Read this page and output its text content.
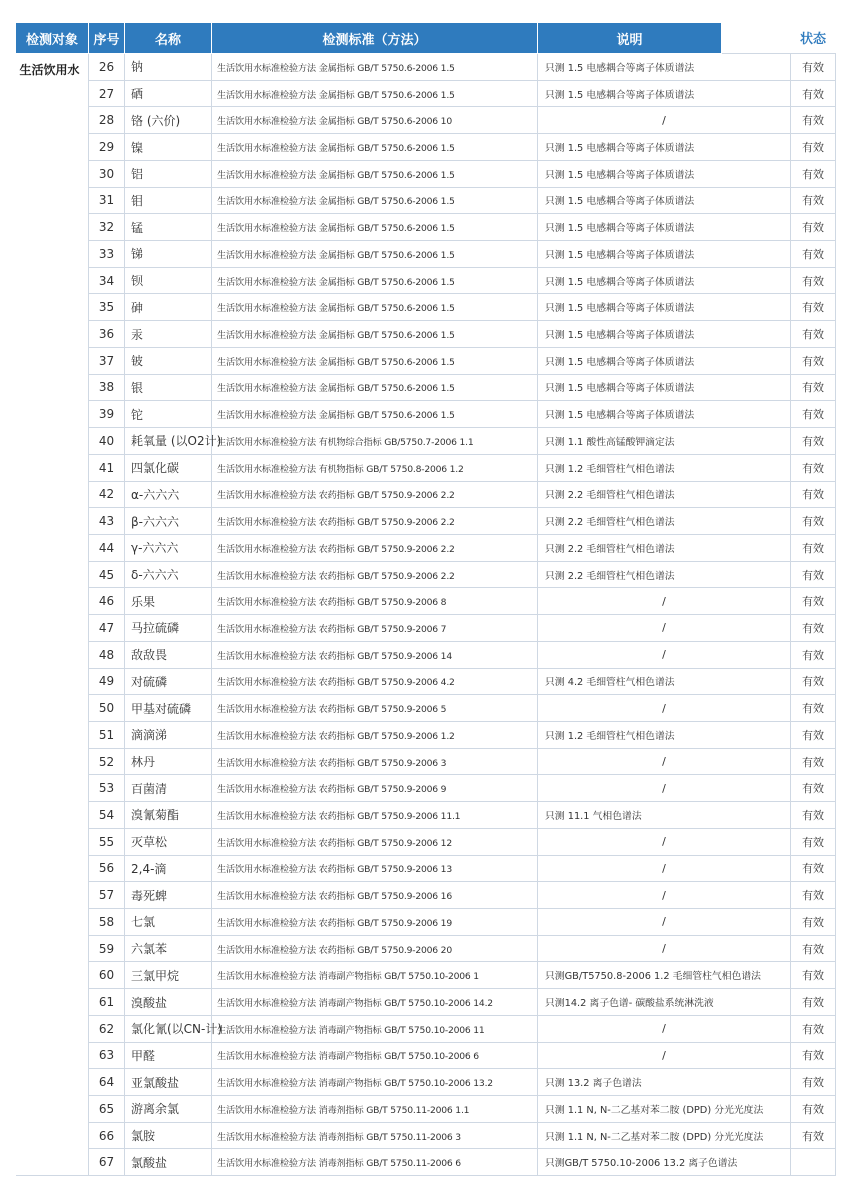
检测对象	序号	名称	检测标准（方法）	说明		状态
生活饮用水	26	钠	生活饮用水标准检验方法 金属指标 GB/T 5750.6-2006 1.5	只测 1.5 电感耦合等离子体质谱法		有效
	27	硒	生活饮用水标准检验方法 金属指标 GB/T 5750.6-2006 1.5	只测 1.5 电感耦合等离子体质谱法		有效
	28	铬 (六价)	生活饮用水标准检验方法 金属指标 GB/T 5750.6-2006 10	/		有效
	29	镍	生活饮用水标准检验方法 金属指标 GB/T 5750.6-2006 1.5	只测 1.5 电感耦合等离子体质谱法		有效
	30	铝	生活饮用水标准检验方法 金属指标 GB/T 5750.6-2006 1.5	只测 1.5 电感耦合等离子体质谱法		有效
	31	钼	生活饮用水标准检验方法 金属指标 GB/T 5750.6-2006 1.5	只测 1.5 电感耦合等离子体质谱法		有效
	32	锰	生活饮用水标准检验方法 金属指标 GB/T 5750.6-2006 1.5	只测 1.5 电感耦合等离子体质谱法		有效
	33	锑	生活饮用水标准检验方法 金属指标 GB/T 5750.6-2006 1.5	只测 1.5 电感耦合等离子体质谱法		有效
	34	钡	生活饮用水标准检验方法 金属指标 GB/T 5750.6-2006 1.5	只测 1.5 电感耦合等离子体质谱法		有效
	35	砷	生活饮用水标准检验方法 金属指标 GB/T 5750.6-2006 1.5	只测 1.5 电感耦合等离子体质谱法		有效
	36	汞	生活饮用水标准检验方法 金属指标 GB/T 5750.6-2006 1.5	只测 1.5 电感耦合等离子体质谱法		有效
	37	铍	生活饮用水标准检验方法 金属指标 GB/T 5750.6-2006 1.5	只测 1.5 电感耦合等离子体质谱法		有效
	38	银	生活饮用水标准检验方法 金属指标 GB/T 5750.6-2006 1.5	只测 1.5 电感耦合等离子体质谱法		有效
	39	铊	生活饮用水标准检验方法 金属指标 GB/T 5750.6-2006 1.5	只测 1.5 电感耦合等离子体质谱法		有效
	40	耗氧量 (以O2计)	生活饮用水标准检验方法 有机物综合指标 GB/5750.7-2006 1.1	只测 1.1 酸性高锰酸钾滴定法		有效
	41	四氯化碳	生活饮用水标准检验方法 有机物指标 GB/T 5750.8-2006 1.2	只测 1.2 毛细管柱气相色谱法		有效
	42	α-六六六	生活饮用水标准检验方法 农药指标 GB/T 5750.9-2006 2.2	只测 2.2 毛细管柱气相色谱法		有效
	43	β-六六六	生活饮用水标准检验方法 农药指标 GB/T 5750.9-2006 2.2	只测 2.2 毛细管柱气相色谱法		有效
	44	γ-六六六	生活饮用水标准检验方法 农药指标 GB/T 5750.9-2006 2.2	只测 2.2 毛细管柱气相色谱法		有效
	45	δ-六六六	生活饮用水标准检验方法 农药指标 GB/T 5750.9-2006 2.2	只测 2.2 毛细管柱气相色谱法		有效
	46	乐果	生活饮用水标准检验方法 农药指标 GB/T 5750.9-2006 8	/		有效
	47	马拉硫磷	生活饮用水标准检验方法 农药指标 GB/T 5750.9-2006 7	/		有效
	48	敌敌畏	生活饮用水标准检验方法 农药指标 GB/T 5750.9-2006 14	/		有效
	49	对硫磷	生活饮用水标准检验方法 农药指标 GB/T 5750.9-2006 4.2	只测 4.2 毛细管柱气相色谱法		有效
	50	甲基对硫磷	生活饮用水标准检验方法 农药指标 GB/T 5750.9-2006 5	/		有效
	51	滴滴涕	生活饮用水标准检验方法 农药指标 GB/T 5750.9-2006 1.2	只测 1.2 毛细管柱气相色谱法		有效
	52	林丹	生活饮用水标准检验方法 农药指标 GB/T 5750.9-2006 3	/		有效
	53	百菌清	生活饮用水标准检验方法 农药指标 GB/T 5750.9-2006 9	/		有效
	54	溴氰菊酯	生活饮用水标准检验方法 农药指标 GB/T 5750.9-2006 11.1	只测 11.1 气相色谱法		有效
	55	灭草松	生活饮用水标准检验方法 农药指标 GB/T 5750.9-2006 12	/		有效
	56	2,4-滴	生活饮用水标准检验方法 农药指标 GB/T 5750.9-2006 13	/		有效
	57	毒死蜱	生活饮用水标准检验方法 农药指标 GB/T 5750.9-2006 16	/		有效
	58	七氯	生活饮用水标准检验方法 农药指标 GB/T 5750.9-2006 19	/		有效
	59	六氯苯	生活饮用水标准检验方法 农药指标 GB/T 5750.9-2006 20	/		有效
	60	三氯甲烷	生活饮用水标准检验方法 消毒副产物指标 GB/T 5750.10-2006 1	只测GB/T5750.8-2006 1.2 毛细管柱气相色谱法		有效
	61	溴酸盐	生活饮用水标准检验方法 消毒副产物指标 GB/T 5750.10-2006 14.2	只测14.2 离子色谱- 碳酸盐系统淋洗液		有效
	62	氯化氰(以CN-计)	生活饮用水标准检验方法 消毒副产物指标 GB/T 5750.10-2006 11	/		有效
	63	甲醛	生活饮用水标准检验方法 消毒副产物指标 GB/T 5750.10-2006 6	/		有效
	64	亚氯酸盐	生活饮用水标准检验方法 消毒副产物指标 GB/T 5750.10-2006 13.2	只测 13.2 离子色谱法		有效
	65	游离余氯	生活饮用水标准检验方法 消毒剂指标 GB/T 5750.11-2006 1.1	只测 1.1 N, N-二乙基对苯二胺 (DPD) 分光光度法		有效
	66	氯胺	生活饮用水标准检验方法 消毒剂指标 GB/T 5750.11-2006 3	只测 1.1 N, N-二乙基对苯二胺 (DPD) 分光光度法		有效
	67	氯酸盐	生活饮用水标准检验方法 消毒剂指标 GB/T 5750.11-2006 6	只测GB/T 5750.10-2006 13.2 离子色谱法		
